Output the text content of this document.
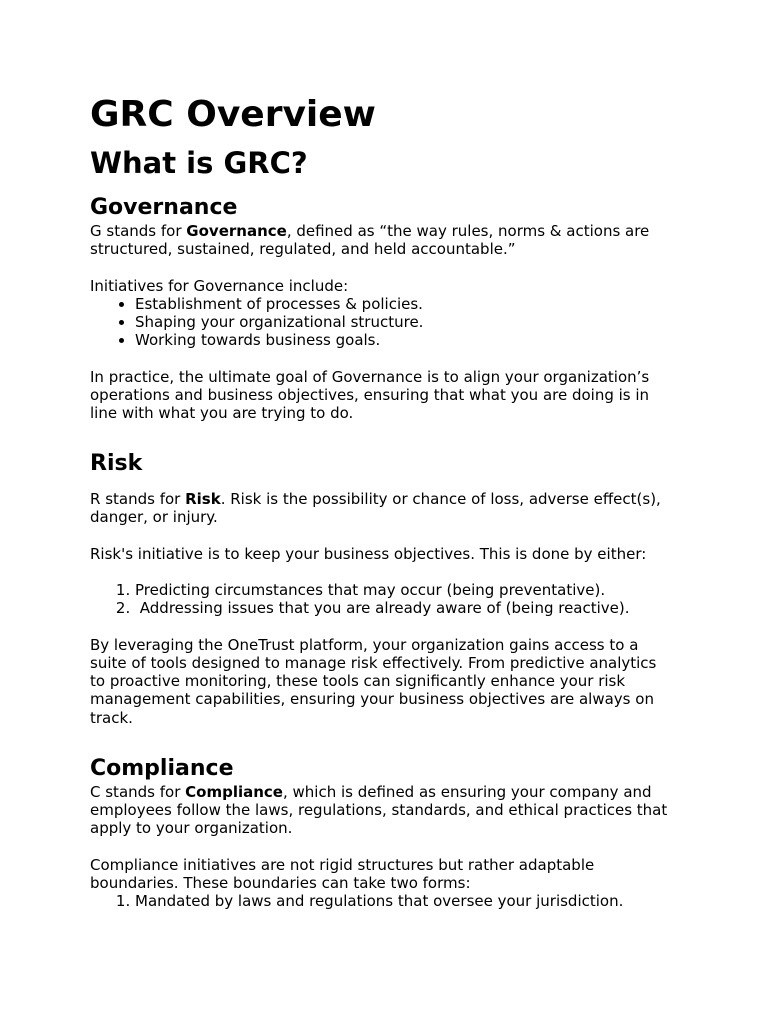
GRC Overview
What is GRC?
Governance

G stands for Governance, defined as “the way rules, norms & actions are structured, sustained, regulated, and held accountable.”

Initiatives for Governance include:

• Establishment of processes & policies.
• Shaping your organizational structure.
• Working towards business goals.

In practice, the ultimate goal of Governance is to align your organization’s operations and business objectives, ensuring that what you are doing is in line with what you are trying to do.

Risk

R stands for Risk. Risk is the possibility or chance of loss, adverse effect(s), danger, or injury.

Risk's initiative is to keep your business objectives. This is done by either:

1. Predicting circumstances that may occur (being preventative).
2.  Addressing issues that you are already aware of (being reactive).

By leveraging the OneTrust platform, your organization gains access to a suite of tools designed to manage risk effectively. From predictive analytics to proactive monitoring, these tools can significantly enhance your risk management capabilities, ensuring your business objectives are always on track.

Compliance

C stands for Compliance, which is defined as ensuring your company and employees follow the laws, regulations, standards, and ethical practices that apply to your organization.

Compliance initiatives are not rigid structures but rather adaptable boundaries. These boundaries can take two forms:

1. Mandated by laws and regulations that oversee your jurisdiction.
